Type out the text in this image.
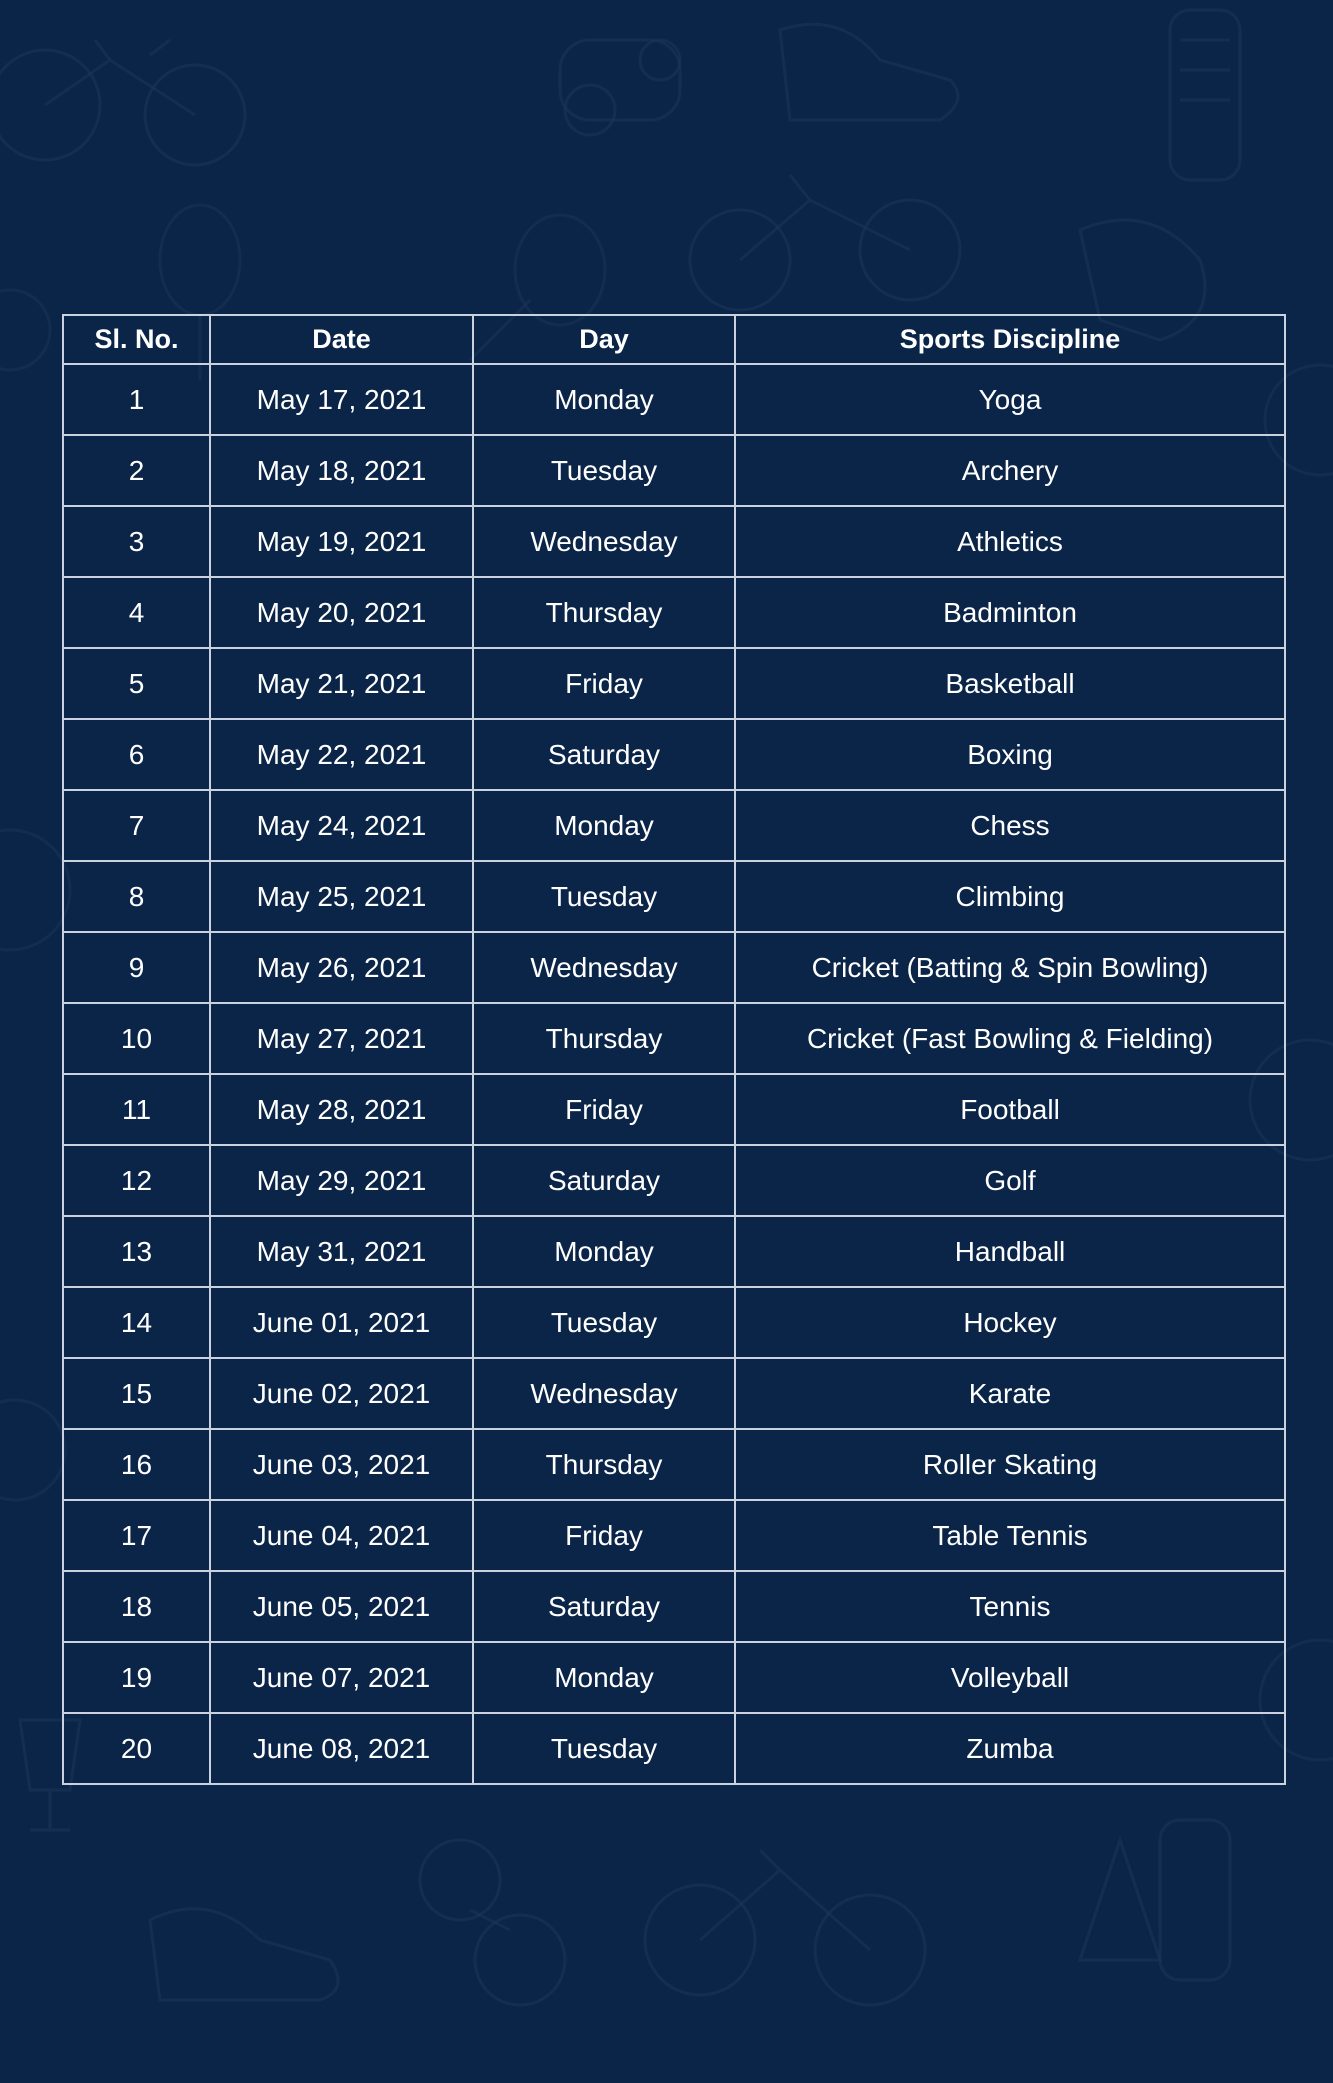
Sl. No.	Date	Day	Sports Discipline
1	May 17, 2021	Monday	Yoga
2	May 18, 2021	Tuesday	Archery
3	May 19, 2021	Wednesday	Athletics
4	May 20, 2021	Thursday	Badminton
5	May 21, 2021	Friday	Basketball
6	May 22, 2021	Saturday	Boxing
7	May 24, 2021	Monday	Chess
8	May 25, 2021	Tuesday	Climbing
9	May 26, 2021	Wednesday	Cricket (Batting & Spin Bowling)
10	May 27, 2021	Thursday	Cricket (Fast Bowling & Fielding)
11	May 28, 2021	Friday	Football
12	May 29, 2021	Saturday	Golf
13	May 31, 2021	Monday	Handball
14	June 01, 2021	Tuesday	Hockey
15	June 02, 2021	Wednesday	Karate
16	June 03, 2021	Thursday	Roller Skating
17	June 04, 2021	Friday	Table Tennis
18	June 05, 2021	Saturday	Tennis
19	June 07, 2021	Monday	Volleyball
20	June 08, 2021	Tuesday	Zumba
